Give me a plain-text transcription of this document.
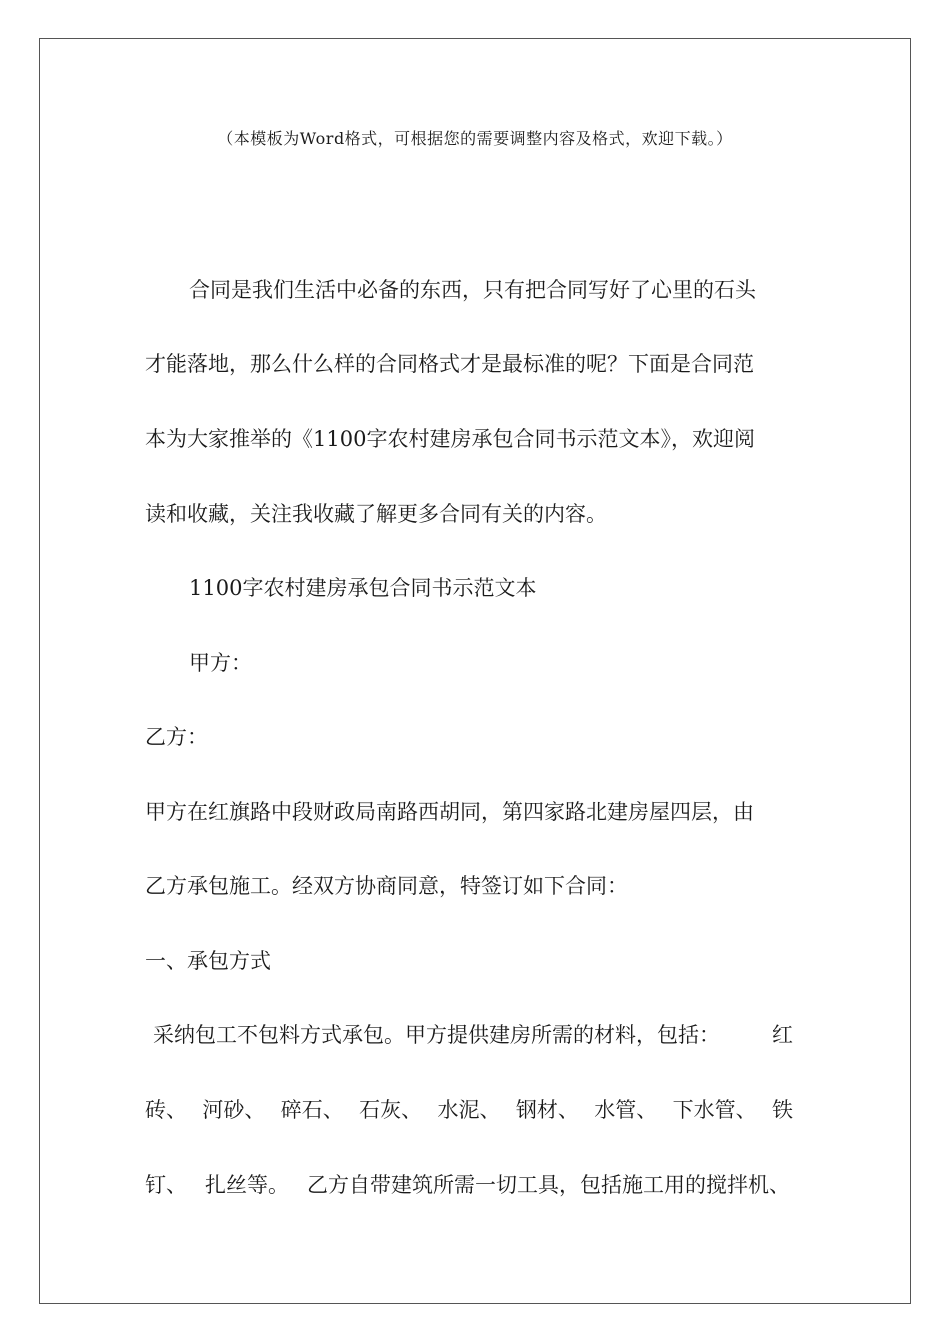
（本模板为Word格式，可根据您的需要调整内容及格式，欢迎下载。）
合同是我们生活中必备的东西，只有把合同写好了心里的石头
才能落地，那么什么样的合同格式才是最标准的呢？下面是合同范
本为大家推举的《1100字农村建房承包合同书示范文本》，欢迎阅
读和收藏，关注我收藏了解更多合同有关的内容。
1100字农村建房承包合同书示范文本
甲方：
乙方：
甲方在红旗路中段财政局南路西胡同，第四家路北建房屋四层，由
乙方承包施工。经双方协商同意，特签订如下合同：
一、承包方式
采纳包工不包料方式承包。甲方提供建房所需的材料，包括： 红
砖、 河砂、 碎石、 石灰、 水泥、 钢材、 水管、 下水管、 铁
钉、 扎丝等。 乙方自带建筑所需一切工具，包括施工用的搅拌机、
